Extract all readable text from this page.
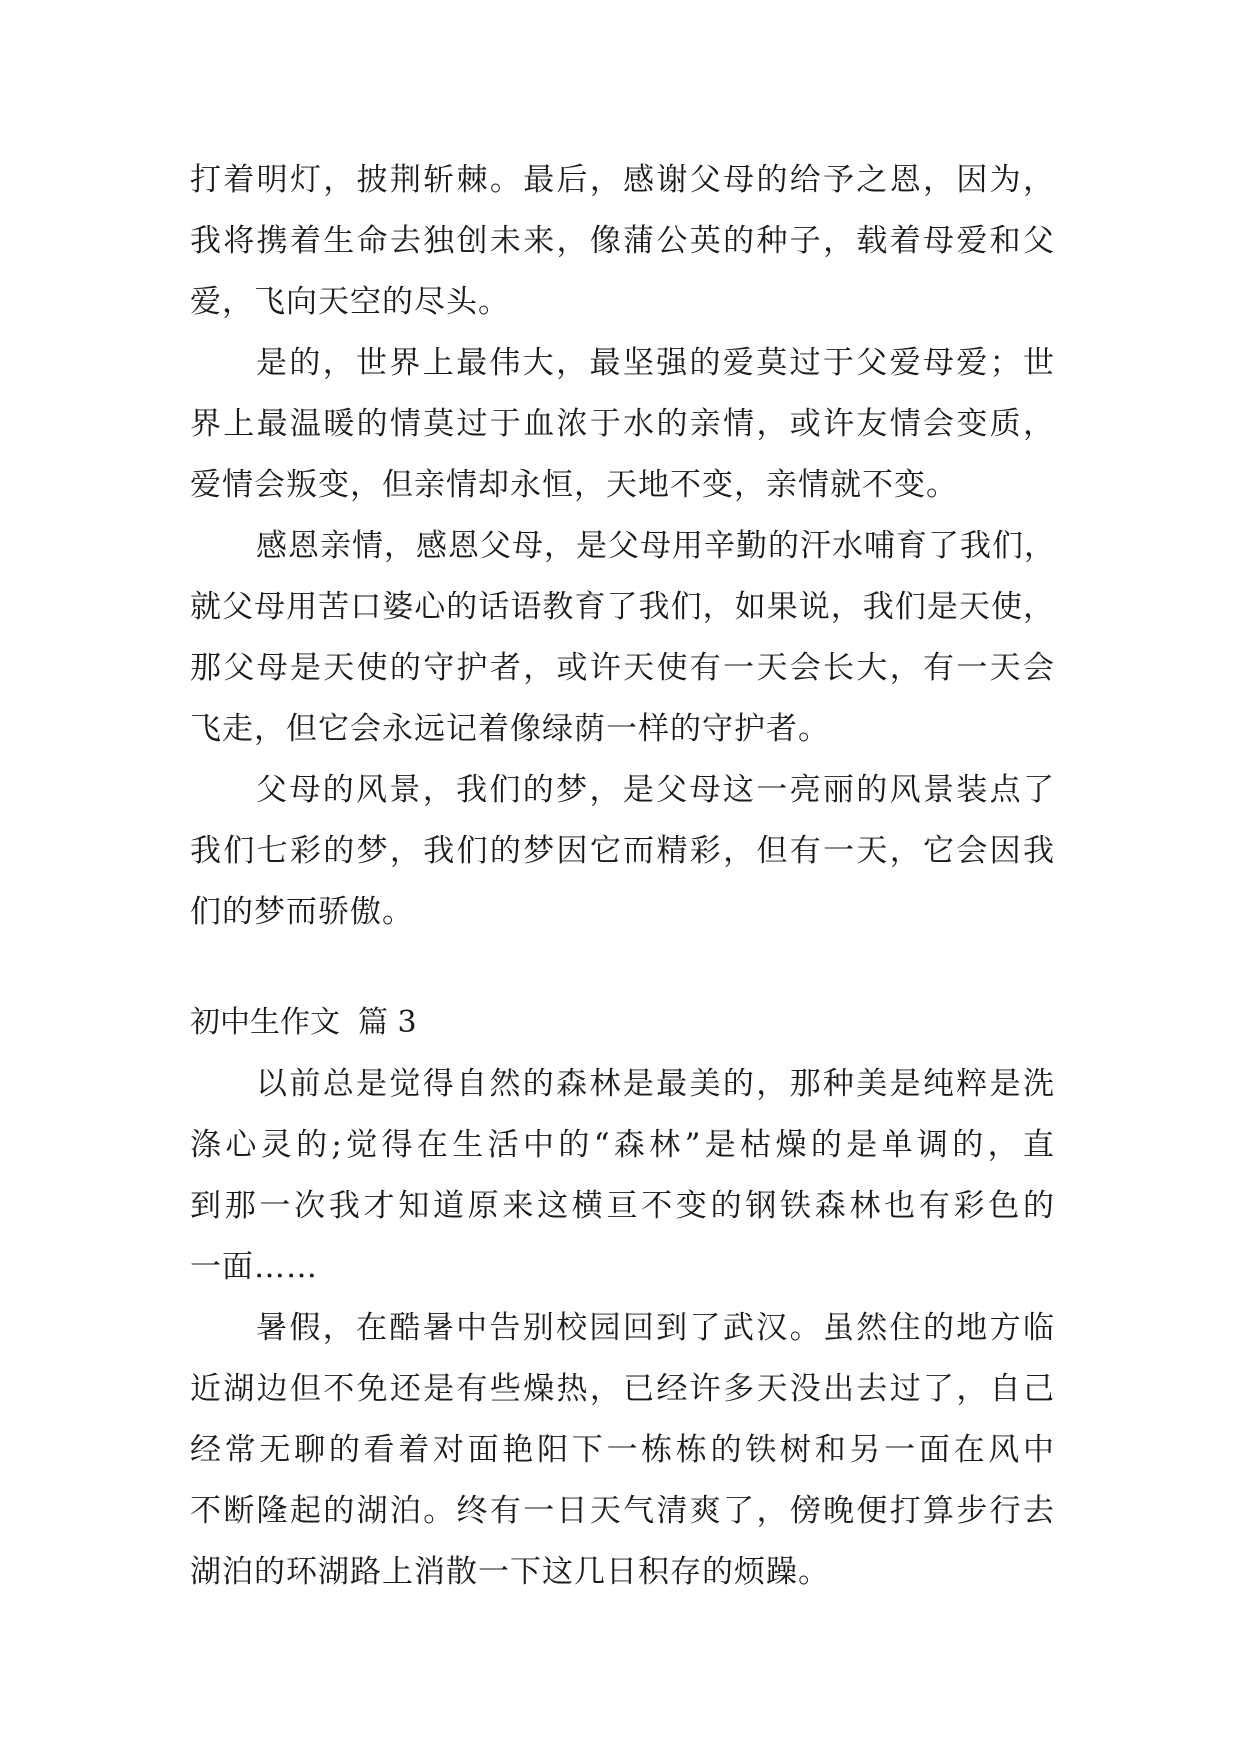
打着明灯，披荆斩棘。最后，感谢父母的给予之恩，因为，
我将携着生命去独创未来，像蒲公英的种子，载着母爱和父
爱，飞向天空的尽头。
是的，世界上最伟大，最坚强的爱莫过于父爱母爱；世
界上最温暖的情莫过于血浓于水的亲情，或许友情会变质，
爱情会叛变，但亲情却永恒，天地不变，亲情就不变。
感恩亲情，感恩父母，是父母用辛勤的汗水哺育了我们，
就父母用苦口婆心的话语教育了我们，如果说，我们是天使，
那父母是天使的守护者，或许天使有一天会长大，有一天会
飞走，但它会永远记着像绿荫一样的守护者。
父母的风景，我们的梦，是父母这一亮丽的风景装点了
我们七彩的梦，我们的梦因它而精彩，但有一天，它会因我
们的梦而骄傲。
初中生作文 篇 3
以前总是觉得自然的森林是最美的，那种美是纯粹是洗
涤心灵的;觉得在生活中的“森林”是枯燥的是单调的，直
到那一次我才知道原来这横亘不变的钢铁森林也有彩色的
一面……
暑假，在酷暑中告别校园回到了武汉。虽然住的地方临
近湖边但不免还是有些燥热，已经许多天没出去过了，自己
经常无聊的看着对面艳阳下一栋栋的铁树和另一面在风中
不断隆起的湖泊。终有一日天气清爽了，傍晚便打算步行去
湖泊的环湖路上消散一下这几日积存的烦躁。
